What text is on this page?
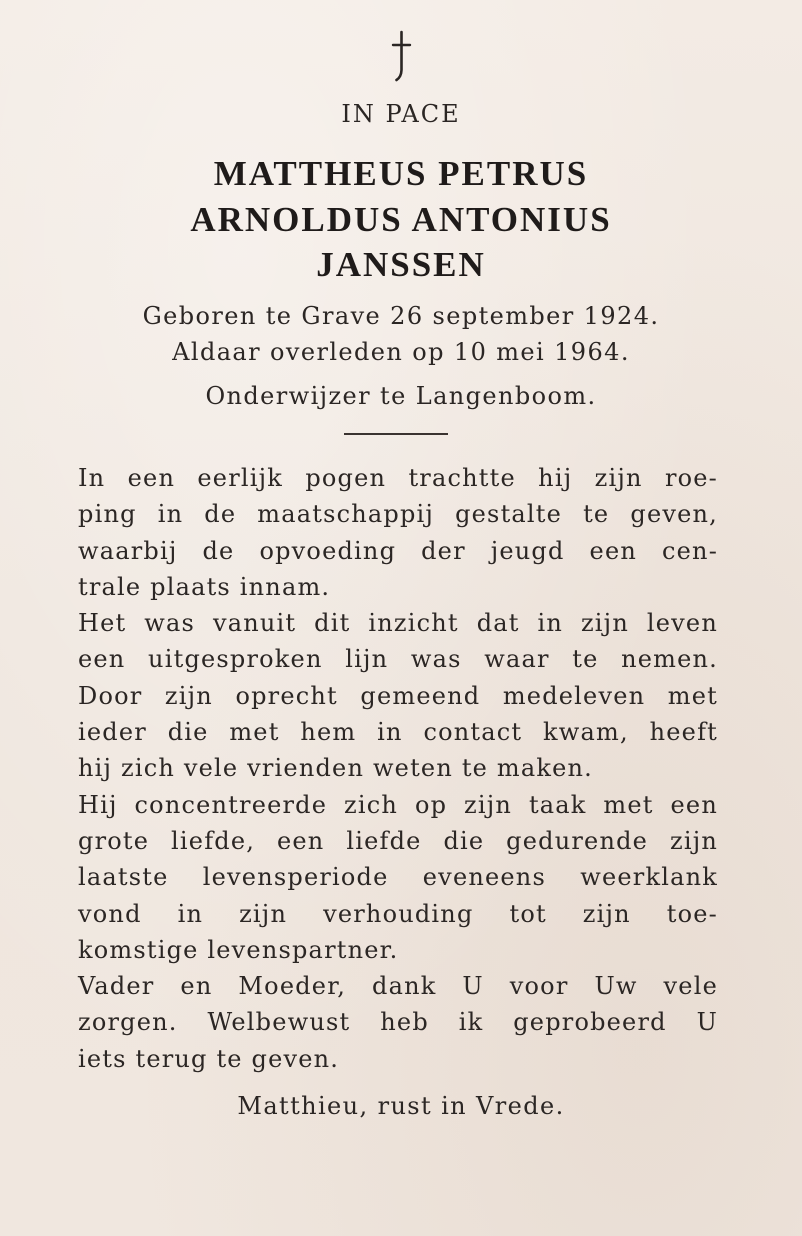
IN PACE
MATTHEUS PETRUS
ARNOLDUS ANTONIUS
JANSSEN
Geboren te Grave 26 september 1924.
Aldaar overleden op 10 mei 1964.
Onderwijzer te Langenboom.
In een eerlijk pogen trachtte hij zijn roe-
ping in de maatschappij gestalte te geven,
waarbij de opvoeding der jeugd een cen-
trale plaats innam.
Het was vanuit dit inzicht dat in zijn leven
een uitgesproken lijn was waar te nemen.
Door zijn oprecht gemeend medeleven met
ieder die met hem in contact kwam, heeft
hij zich vele vrienden weten te maken.
Hij concentreerde zich op zijn taak met een
grote liefde, een liefde die gedurende zijn
laatste levensperiode eveneens weerklank
vond in zijn verhouding tot zijn toe-
komstige levenspartner.
Vader en Moeder, dank U voor Uw vele
zorgen. Welbewust heb ik geprobeerd U
iets terug te geven.
Matthieu, rust in Vrede.
